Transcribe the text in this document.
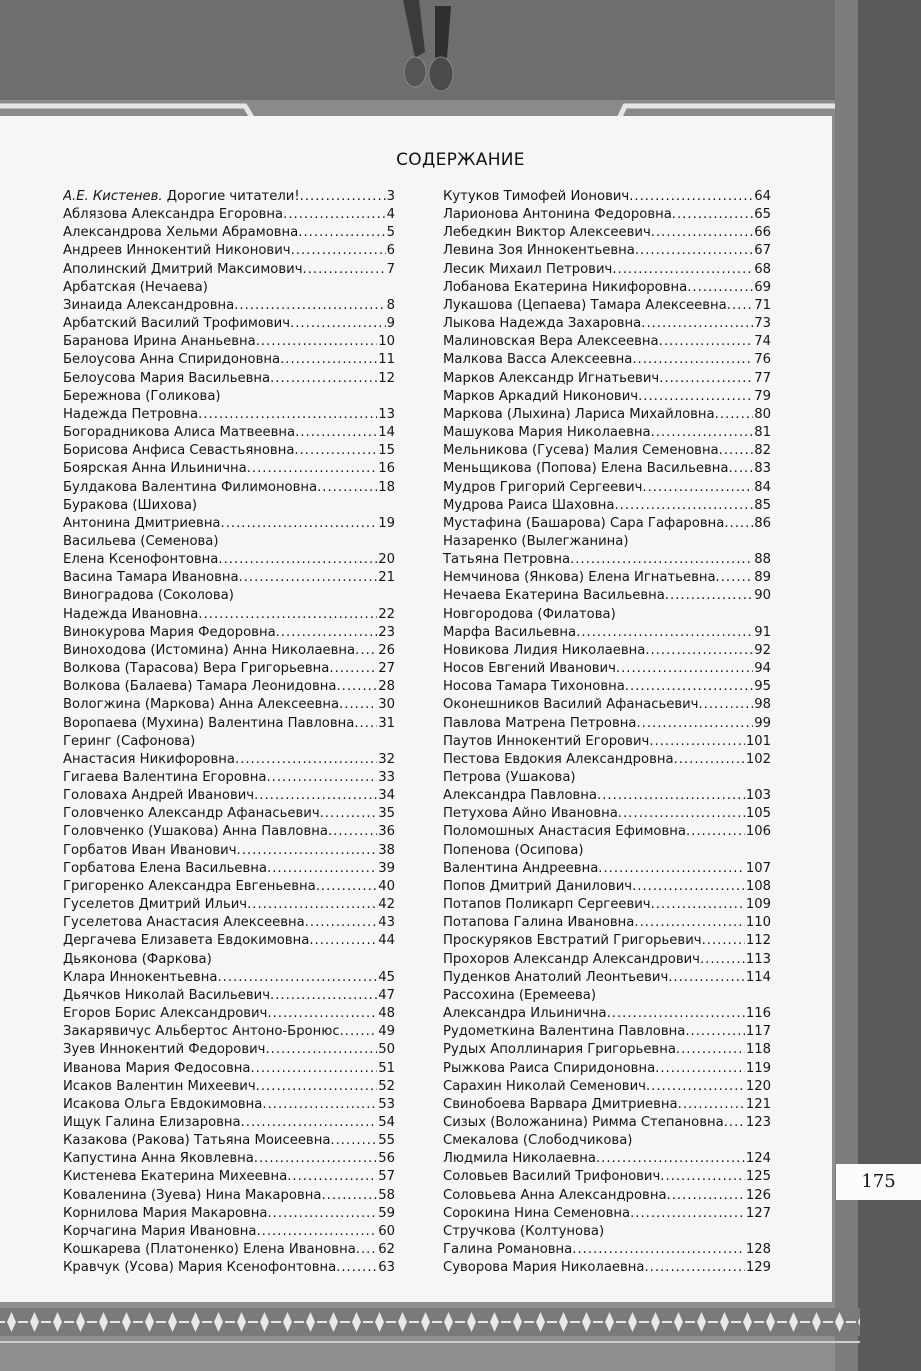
СОДЕРЖАНИЕ
А.Е. Кистенев. Дорогие читатели! .....	3
Аблязова Александра Егоровна .....	4
Александрова Хельми Абрамовна .....	5
Андреев Иннокентий Никонович .....	6
Аполинский Дмитрий Максимович .....	7
Арбатская (Нечаева)
Зинаида Александровна .....	8
Арбатский Василий Трофимович .....	9
Баранова Ирина Ананьевна .....	10
Белоусова Анна Спиридоновна .....	11
Белоусова Мария Васильевна .....	12
Бережнова (Голикова)
Надежда Петровна .....	13
Богорадникова Алиса Матвеевна .....	14
Борисова Анфиса Севастьяновна .....	15
Боярская Анна Ильинична .....	16
Булдакова Валентина Филимоновна .....	18
Буракова (Шихова)
Антонина Дмитриевна .....	19
Васильева (Семенова)
Елена Ксенофонтовна .....	20
Васина Тамара Ивановна .....	21
Виноградова (Соколова)
Надежда Ивановна .....	22
Винокурова Мария Федоровна .....	23
Виноходова (Истомина) Анна Николаевна ..... 26
Волкова (Тарасова) Вера Григорьевна .....	27
Волкова (Балаева) Тамара Леонидовна .....	28
Вологжина (Маркова) Анна Алексеевна .....	30
Воропаева (Мухина) Валентина Павловна ..... 31
Геринг (Сафонова)
Анастасия Никифоровна .....	32
Гигаева Валентина Егоровна .....	33
Головаха Андрей Иванович .....	34
Головченко Александр Афанасьевич .....	35
Головченко (Ушакова) Анна Павловна .....	36
Горбатов Иван Иванович .....	38
Горбатова Елена Васильевна .....	39
Григоренко Александра Евгеньевна .....	40
Гуселетов Дмитрий Ильич .....	42
Гуселетова Анастасия Алексеевна .....	43
Дергачева Елизавета Евдокимовна .....	44
Дьяконова (Фаркова)
Клара Иннокентьевна .....	45
Дьячков Николай Васильевич .....	47
Егоров Борис Александрович .....	48
Закарявичус Альбертос Антоно-Бронюс .....	49
Зуев Иннокентий Федорович .....	50
Иванова Мария Федосовна .....	51
Исаков Валентин Михеевич .....	52
Исакова Ольга Евдокимовна .....	53
Ищук Галина Елизаровна .....	54
Казакова (Ракова) Татьяна Моисеевна .....	55
Капустина Анна Яковлевна .....	56
Кистенева Екатерина Михеевна .....	57
Коваленина (Зуева) Нина Макаровна .....	58
Корнилова Мария Макаровна .....	59
Корчагина Мария Ивановна .....	60
Кошкарева (Платоненко) Елена Ивановна ..... 62
Кравчук (Усова) Мария Ксенофонтовна .....	63
Кутуков Тимофей Ионович .....	64
Ларионова Антонина Федоровна .....	65
Лебедкин Виктор Алексеевич .....	66
Левина Зоя Иннокентьевна .....	67
Лесик Михаил Петрович .....	68
Лобанова Екатерина Никифоровна .....	69
Лукашова (Цепаева) Тамара Алексеевна ..... 71
Лыкова Надежда Захаровна .....	73
Малиновская Вера Алексеевна .....	74
Малкова Васса Алексеевна .....	76
Марков Александр Игнатьевич .....	77
Марков Аркадий Никонович .....	79
Маркова (Лыхина) Лариса Михайловна .....	80
Машукова Мария Николаевна .....	81
Мельникова (Гусева) Малия Семеновна .....	82
Меньщикова (Попова) Елена Васильевна ..... 83
Мудров Григорий Сергеевич .....	84
Мудрова Раиса Шаховна .....	85
Мустафина (Башарова) Сара Гафаровна ..... 86
Назаренко (Вылегжанина)
Татьяна Петровна .....	88
Немчинова (Янкова) Елена Игнатьевна .....	89
Нечаева Екатерина Васильевна .....	90
Новгородова (Филатова)
Марфа Васильевна .....	91
Новикова Лидия Николаевна .....	92
Носов Евгений Иванович .....	94
Носова Тамара Тихоновна .....	95
Оконешников Василий Афанасьевич .....	98
Павлова Матрена Петровна .....	99
Паутов Иннокентий Егорович .....	101
Пестова Евдокия Александровна .....	102
Петрова (Ушакова)
Александра Павловна .....	103
Петухова Айно Ивановна .....	105
Поломошных Анастасия Ефимовна .....	106
Попенова (Осипова)
Валентина Андреевна .....	107
Попов Дмитрий Данилович .....	108
Потапов Поликарп Сергеевич .....	109
Потапова Галина Ивановна .....	110
Проскуряков Евстратий Григорьевич .....	112
Прохоров Александр Александрович .....	113
Пуденков Анатолий Леонтьевич .....	114
Рассохина (Еремеева)
Александра Ильинична .....	116
Рудометкина Валентина Павловна .....	117
Рудых Аполлинария Григорьевна .....	118
Рыжкова Раиса Спиридоновна .....	119
Сарахин Николай Семенович .....	120
Свинобоева Варвара Дмитриевна .....	121
Сизых (Воложанина) Римма Степановна ..... 123
Смекалова (Слободчикова)
Людмила Николаевна .....	124
Соловьев Василий Трифонович .....	125
Соловьева Анна Александровна .....	126
Сорокина Нина Семеновна .....	127
Стручкова (Колтунова)
Галина Романовна .....	128
Суворова Мария Николаевна .....	129
175
